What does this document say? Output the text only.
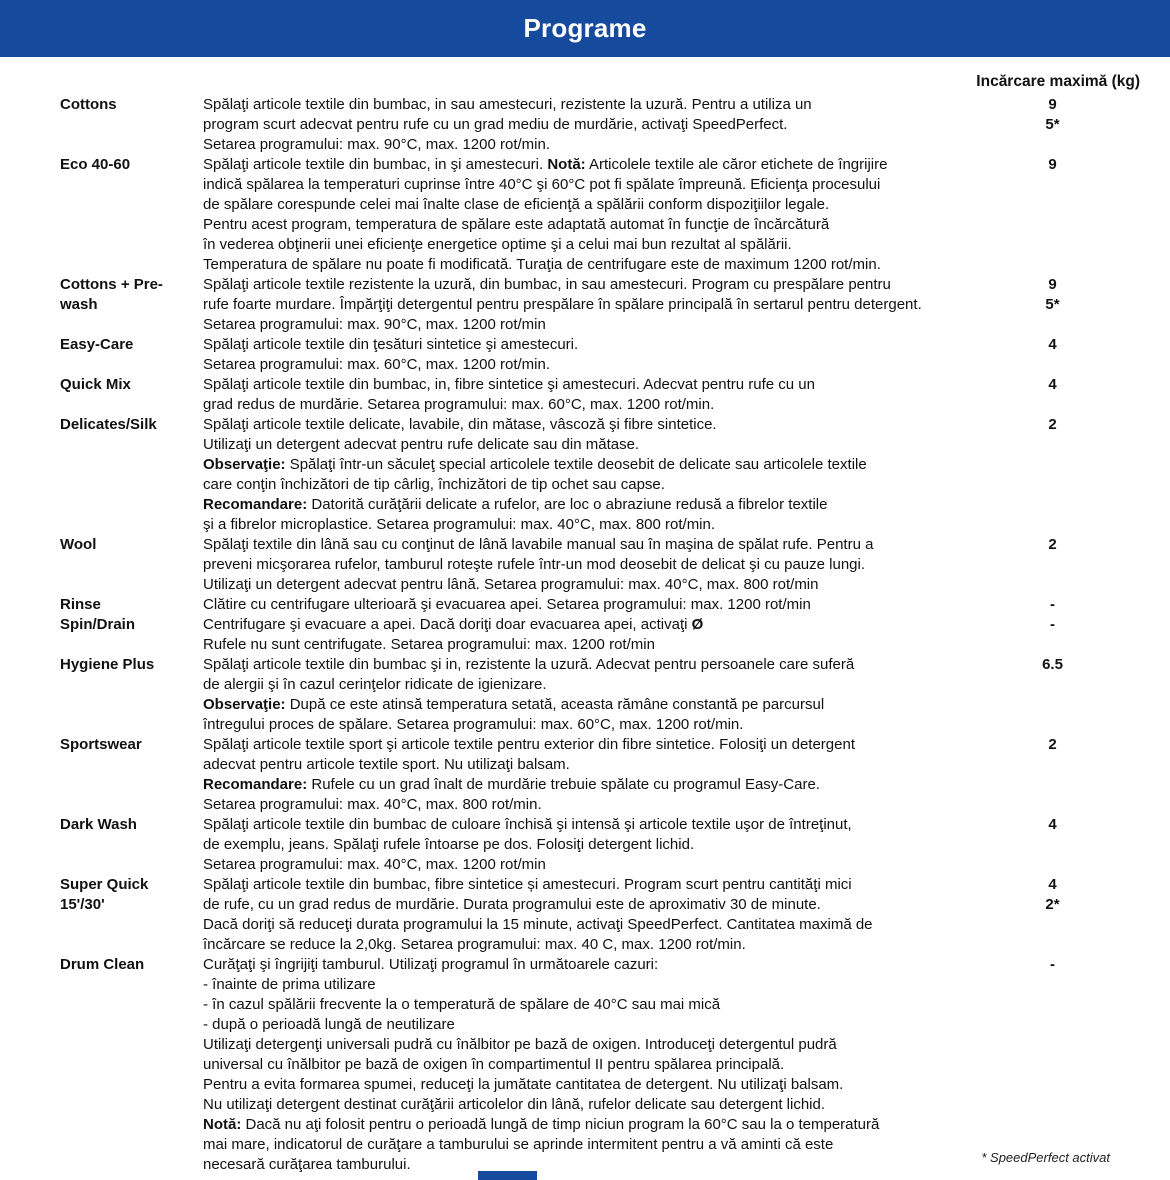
Programe
Incărcare maximă (kg)
Cottons	Spălaţi articole textile din bumbac, in sau amestecuri, rezistente la uzură. Pentru a utiliza un
program scurt adecvat pentru rufe cu un grad mediu de murdărie, activaţi SpeedPerfect.
Setarea programului: max. 90°C, max. 1200 rot/min.
9
5*
Eco 40-60	Spălaţi articole textile din bumbac, in şi amestecuri. Notă: Articolele textile ale căror etichete de îngrijire
indică spălarea la temperaturi cuprinse între 40°C şi 60°C pot fi spălate împreună. Eficienţa procesului
de spălare corespunde celei mai înalte clase de eficienţă a spălării conform dispoziţiilor legale.
Pentru acest program, temperatura de spălare este adaptată automat în funcţie de încărcătură
în vederea obţinerii unei eficienţe energetice optime şi a celui mai bun rezultat al spălării.
Temperatura de spălare nu poate fi modificată. Turaţia de centrifugare este de maximum 1200 rot/min.
9
Cottons + Pre-
wash
Spălaţi articole textile rezistente la uzură, din bumbac, in sau amestecuri. Program cu prespălare pentru
rufe foarte murdare. Împărţiţi detergentul pentru prespălare în spălare principală în sertarul pentru detergent.
Setarea programului: max. 90°C, max. 1200 rot/min
9
5*
Easy-Care	Spălaţi articole textile din ţesături sintetice şi amestecuri.
Setarea programului: max. 60°C, max. 1200 rot/min.
4
Quick Mix	Spălaţi articole textile din bumbac, in, fibre sintetice şi amestecuri. Adecvat pentru rufe cu un
grad redus de murdărie. Setarea programului: max. 60°C, max. 1200 rot/min.
4
Delicates/Silk	Spălaţi articole textile delicate, lavabile, din mătase, vâscoză şi fibre sintetice.
Utilizaţi un detergent adecvat pentru rufe delicate sau din mătase.
Observaţie: Spălaţi într-un săculeţ special articolele textile deosebit de delicate sau articolele textile
care conţin închizători de tip cârlig, închizători de tip ochet sau capse.
Recomandare: Datorită curăţării delicate a rufelor, are loc o abraziune redusă a fibrelor textile
şi a fibrelor microplastice. Setarea programului: max. 40°C, max. 800 rot/min.
2
Wool	Spălaţi textile din lână sau cu conţinut de lână lavabile manual sau în maşina de spălat rufe. Pentru a
preveni micşorarea rufelor, tamburul roteşte rufele într-un mod deosebit de delicat şi cu pauze lungi.
Utilizaţi un detergent adecvat pentru lână. Setarea programului: max. 40°C, max. 800 rot/min
2
Rinse	Clătire cu centrifugare ulterioară şi evacuarea apei. Setarea programului: max. 1200 rot/min	-
Spin/Drain	Centrifugare şi evacuare a apei. Dacă doriţi doar evacuarea apei, activaţi Ø
Rufele nu sunt centrifugate. Setarea programului: max. 1200 rot/min
-
Hygiene Plus	Spălaţi articole textile din bumbac şi in, rezistente la uzură. Adecvat pentru persoanele care suferă
de alergii şi în cazul cerinţelor ridicate de igienizare.
Observaţie: După ce este atinsă temperatura setată, aceasta rămâne constantă pe parcursul
întregului proces de spălare. Setarea programului: max. 60°C, max. 1200 rot/min.
6.5
Sportswear	Spălaţi articole textile sport şi articole textile pentru exterior din fibre sintetice. Folosiţi un detergent
adecvat pentru articole textile sport. Nu utilizaţi balsam.
Recomandare: Rufele cu un grad înalt de murdărie trebuie spălate cu programul Easy-Care.
Setarea programului: max. 40°C, max. 800 rot/min.
2
Dark Wash	Spălaţi articole textile din bumbac de culoare închisă şi intensă şi articole textile uşor de întreţinut,
de exemplu, jeans. Spălaţi rufele întoarse pe dos. Folosiţi detergent lichid.
Setarea programului: max. 40°C, max. 1200 rot/min
4
Super Quick
15'/30'
Spălaţi articole textile din bumbac, fibre sintetice și amestecuri. Program scurt pentru cantităţi mici
de rufe, cu un grad redus de murdărie. Durata programului este de aproximativ 30 de minute.
Dacă doriţi să reduceţi durata programului la 15 minute, activaţi SpeedPerfect. Cantitatea maximă de
încărcare se reduce la 2,0kg. Setarea programului: max. 40 C, max. 1200 rot/min.
4
2*
Drum Clean	Curăţaţi şi îngrijiţi tamburul. Utilizaţi programul în următoarele cazuri:
- înainte de prima utilizare
- în cazul spălării frecvente la o temperatură de spălare de 40°C sau mai mică
- după o perioadă lungă de neutilizare
Utilizaţi detergenţi universali pudră cu înălbitor pe bază de oxigen. Introduceţi detergentul pudră
universal cu înălbitor pe bază de oxigen în compartimentul II pentru spălarea principală.
Pentru a evita formarea spumei, reduceţi la jumătate cantitatea de detergent. Nu utilizaţi balsam.
Nu utilizaţi detergent destinat curăţării articolelor din lână, rufelor delicate sau detergent lichid.
Notă: Dacă nu aţi folosit pentru o perioadă lungă de timp niciun program la 60°C sau la o temperatură
mai mare, indicatorul de curăţare a tamburului se aprinde intermitent pentru a vă aminti că este
necesară curăţarea tamburului.
-
* SpeedPerfect activat
